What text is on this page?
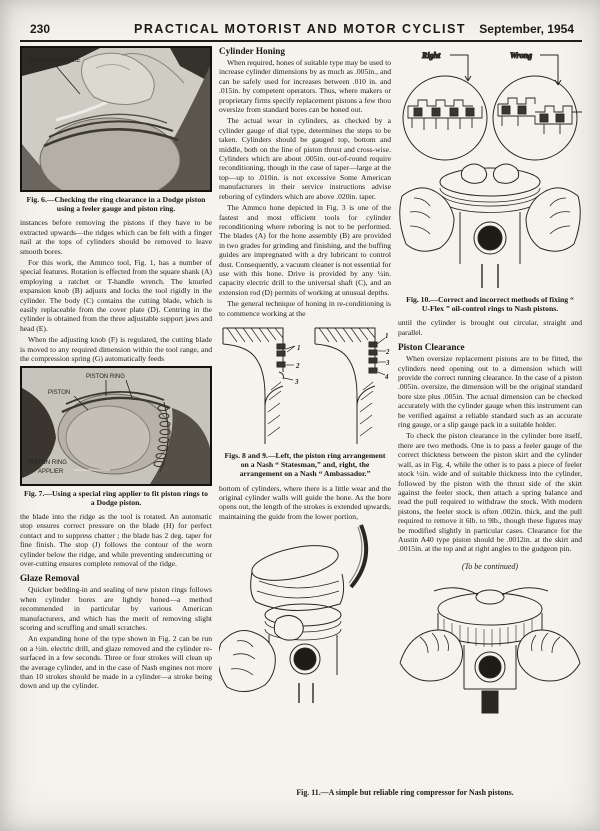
230	PRACTICAL MOTORIST AND MOTOR CYCLIST	September, 1954
FEELER GAUGE
Fig. 6.—Checking the ring clearance in a Dodge piston using a feeler gauge and piston ring.

instances before removing the pistons if they have to be extracted upwards—the ridges which can be felt with a finger nail at the tops of cylinders should be removed to leave smooth bores.

For this work, the Ammco tool, Fig. 1, has a number of special features. Rotation is effected from the square shank (A) employing a ratchet or T-handle wrench. The knurled expansion knob (B) adjusts and locks the tool rigidly in the cylinder. The body (C) contains the cutting blade, which is easily replaceable from the cover plate (D). Centring in the cylinder is obtained from the three adjustable support jaws and head (E).

When the adjusting knob (F) is regulated, the cutting blade is moved to any required dimension within the tool range, and the compression spring (G) automatically feeds

PISTON RING
PISTON
PISTON RING
APPLIER
Fig. 7.—Using a special ring applier to fit piston rings to a Dodge piston.

the blade into the ridge as the tool is rotated. An automatic stop ensures correct pressure on the blade (H) for perfect contact and to suppress chatter ; the blade has 2 deg. taper for fine finish. The stop (J) follows the contour of the worn cylinder below the ridge, and while preventing undercutting or over-cutting ensures complete removal of the ridge.

Glaze Removal

Quicker bedding-in and sealing of new piston rings follows when cylinder bores are lightly honed—a method recommended in particular by various American manufacturers, and which has the merit of removing slight scoring and scruffing and small scratches.

An expanding hone of the type shown in Fig. 2 can be run on a ½in. electric drill, and glaze removed and the cylinder re-surfaced in a few seconds. Three or four strokes will clean up the average cylinder, and in the case of Nash engines not more than 10 strokes should be made in a cylinder—a stroke being down and up the cylinder.

Cylinder Honing

When required, hones of suitable type may be used to increase cylinder dimensions by as much as .005in., and can be safely used for increases between .010 in. and .015in. by competent operators. Thus, where makers or proprietary firms specify replacement pistons a few thou oversize from standard bores can be honed out.

The actual wear in cylinders, as checked by a cylinder gauge of dial type, determines the steps to be taken. Cylinders should be gauged top, bottom and middle, both on the line of piston thrust and cross-wise. Cylinders which are about .005in. out-of-round require reconditioning, though in the case of taper—large at the top—up to .010in. is not excessive Some American manufacturers in their service instructions advise reboring of cylinders which are above .020in. taper.

The Ammco hone depicted in Fig. 3 is one of the fastest and most efficient tools for cylinder reconditioning where reboring is not to be performed. The blades (A) for the hone assembly (B) are provided in two grades for grinding and finishing, and the buffing guides are impregnated with a dry lubricant to control dust. Consequently, a vacuum cleaner is not essential for use with this hone. Drive is provided by any ¼in. capacity electric drill to the universal shaft (C), and an extension rod (D) permits of working at unusual depths.

The general technique of honing in re-conditioning is to commence working at the

1
2
3
1
2
3
4
Figs. 8 and 9.—Left, the piston ring arrangement on a Nash “ Statesman,” and, right, the arrangement on a Nash “ Ambassador.”

bottom of cylinders, where there is a little wear and the original cylinder walls will guide the hone. As the bore opens out, the length of the strokes is extended upwards, maintaining the guide from the lower portion,

Right	Wrong
Fig. 10.—Correct and incorrect methods of fixing “ U-Flex ” oil-control rings to Nash pistons.

until the cylinder is brought out circular, straight and parallel.

Piston Clearance

When oversize replacement pistons are to be fitted, the cylinders need opening out to a dimension which will provide the correct running clearance. In the case of a piston .005in. oversize, the dimension will be the original standard bore size plus .005in. The actual dimension can be checked accurately with the cylinder gauge when this instrument can be verified against a reliable standard such as an accurate ring gauge, or a slip gauge pack in a suitable holder.

To check the piston clearance in the cylinder bore itself, there are two methods. One is to pass a feeler gauge of the correct thickness between the piston skirt and the cylinder wall, as in Fig. 4, while the other is to pass a piece of feeler stock ½in. wide and of suitable thickness into the cylinder, followed by the piston with the thrust side of the skirt against the feeler stock, then attach a spring balance and read the pull required to withdraw the stock. With modern pistons, the feeler stock is often .002in. thick, and the pull required to remove it 6lb. to 9lb., though these figures may be modified slightly in particular cases. Clearance for the Austin A40 type piston should be .0012in. at the skirt and .0015in. at the top and at right angles to the gudgeon pin.

(To be continued)
Fig. 11.—A simple but reliable ring compressor for Nash pistons.
